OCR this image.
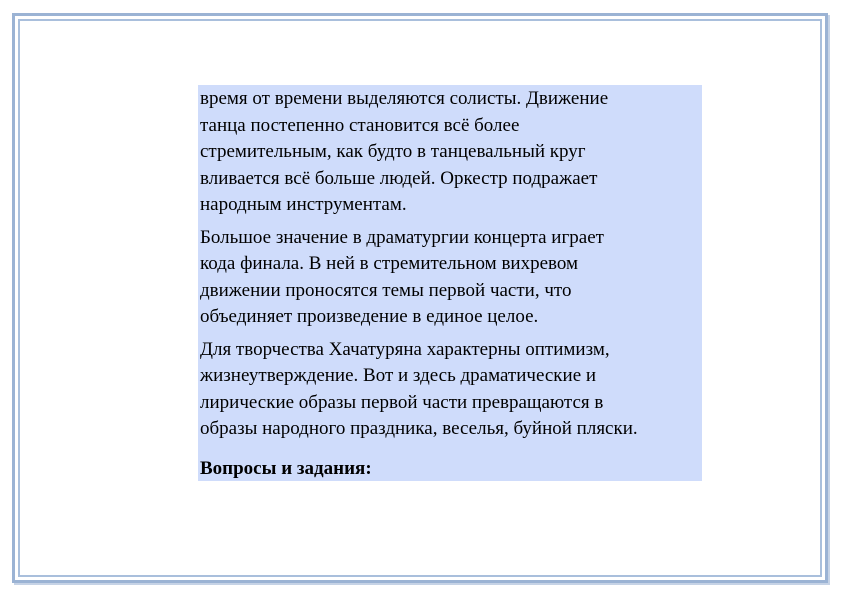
время от времени выделяются солисты. Движение
танца постепенно становится всё более
стремительным, как будто в танцевальный круг
вливается всё больше людей. Оркестр подражает
народным инструментам.

Большое значение в драматургии концерта играет
кода финала. В ней в стремительном вихревом
движении проносятся темы первой части, что
объединяет произведение в единое целое.

Для творчества Хачатуряна характерны оптимизм,
жизнеутверждение. Вот и здесь драматические и
лирические образы первой части превращаются в
образы народного праздника, веселья, буйной пляски.

Вопросы и задания:
